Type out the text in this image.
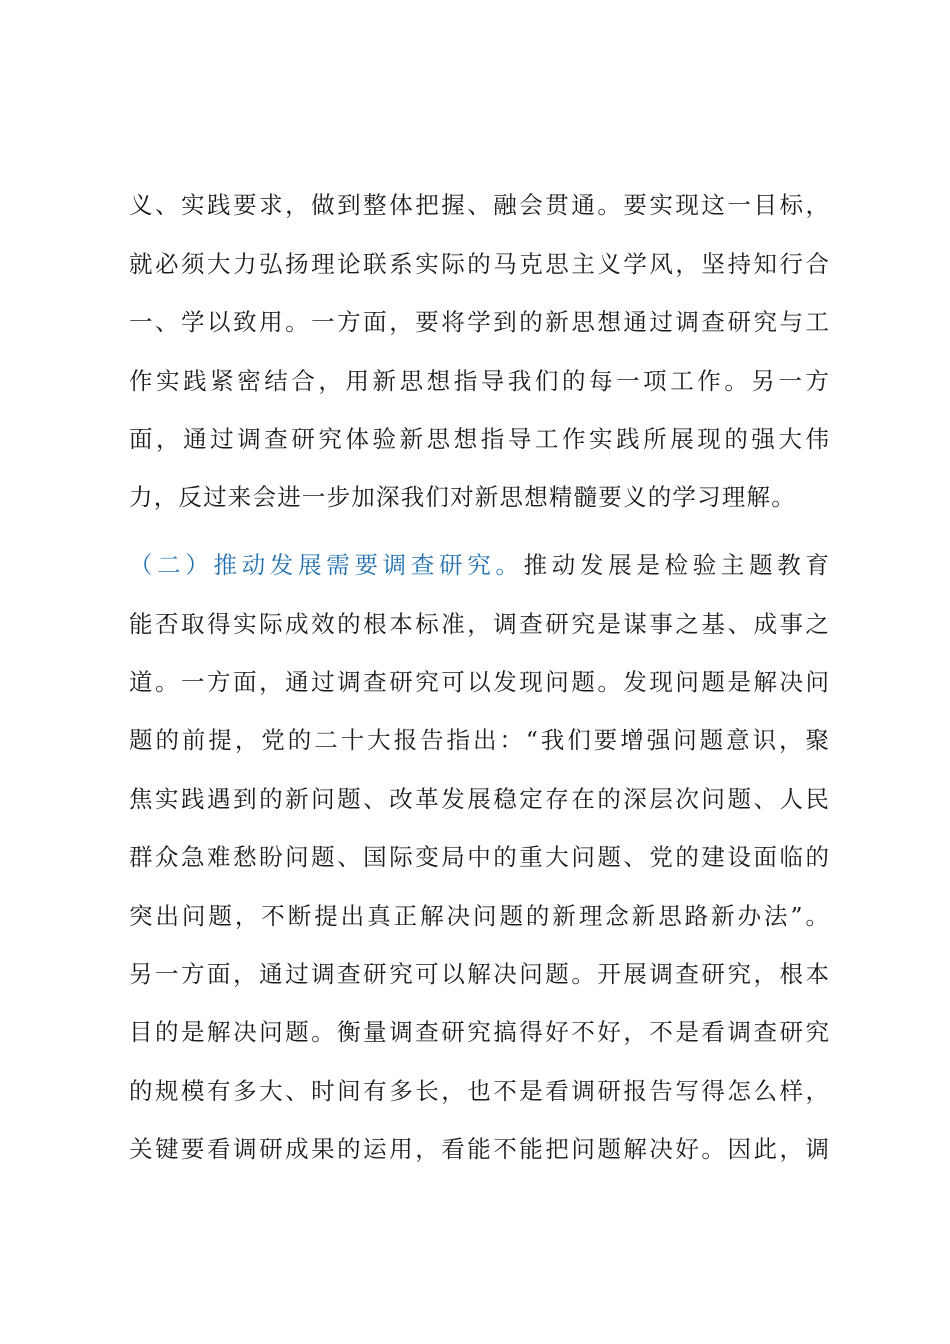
义、实践要求，做到整体把握、融会贯通。要实现这一目标，
就必须大力弘扬理论联系实际的马克思主义学风，坚持知行合
一、学以致用。一方面，要将学到的新思想通过调查研究与工
作实践紧密结合，用新思想指导我们的每一项工作。另一方
面，通过调查研究体验新思想指导工作实践所展现的强大伟
力，反过来会进一步加深我们对新思想精髓要义的学习理解。
（二）推动发展需要调查研究。推动发展是检验主题教育
能否取得实际成效的根本标准，调查研究是谋事之基、成事之
道。一方面，通过调查研究可以发现问题。发现问题是解决问
题的前提，党的二十大报告指出：“我们要增强问题意识，聚
焦实践遇到的新问题、改革发展稳定存在的深层次问题、人民
群众急难愁盼问题、国际变局中的重大问题、党的建设面临的
突出问题，不断提出真正解决问题的新理念新思路新办法”。
另一方面，通过调查研究可以解决问题。开展调查研究，根本
目的是解决问题。衡量调查研究搞得好不好，不是看调查研究
的规模有多大、时间有多长，也不是看调研报告写得怎么样，
关键要看调研成果的运用，看能不能把问题解决好。因此，调
